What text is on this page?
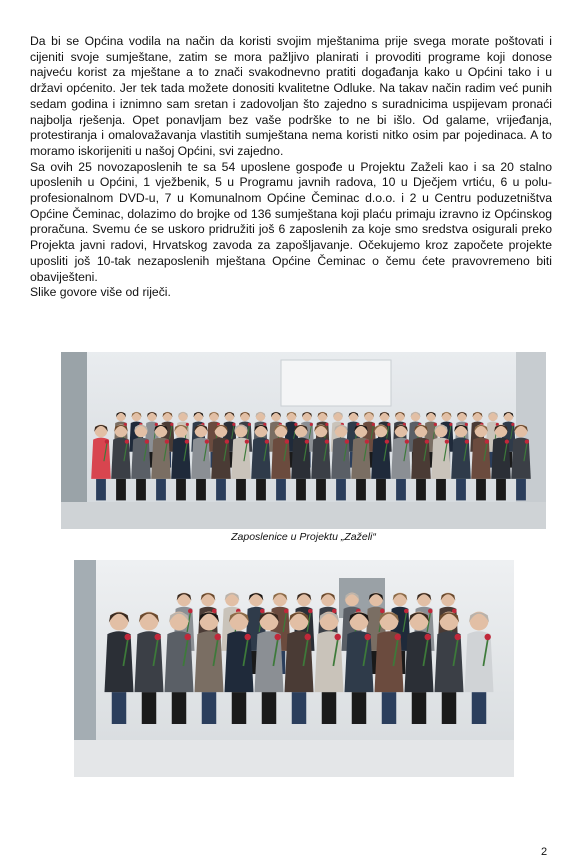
Da bi se Općina vodila na način da koristi svojim mještanima prije svega morate poštovati i cijeniti svoje sumještane, zatim se mora pažljivo planirati i provoditi programe koji donose najveću korist za mještane a to znači svakodnevno pratiti događanja kako u Općini tako i u državi općenito. Jer tek tada možete donositi kvalitetne Odluke. Na takav način radim već punih sedam godina i iznimno sam sretan i zadovoljan što zajedno s suradnicima uspijevam pronaći najbolja rješenja. Opet ponavljam bez vaše podrške to ne bi išlo. Od galame, vrijeđanja, protestiranja i omalovažavanja vlastitih sumještana nema koristi nitko osim par pojedinaca. A to moramo iskorijeniti u našoj Općini, svi zajedno.

Sa ovih 25 novozaposlenih te sa 54 uposlene gospođe u Projektu Zaželi kao i sa 20 stalno uposlenih u Općini, 1 vježbenik, 5 u Programu javnih radova, 10 u Dječjem vrtiću, 6 u polu-profesionalnom DVD-u, 7 u Komunalnom Općine Čeminac d.o.o. i 2 u Centru poduzetništva Općine Čeminac, dolazimo do brojke od 136 sumještana koji plaću primaju izravno iz Općinskog proračuna. Svemu će se uskoro pridružiti još 6 zaposlenih za koje smo sredstva osigurali preko Projekta javni radovi, Hrvatskog zavoda za zapošljavanje. Očekujemo kroz započete projekte uposliti još 10-tak nezaposlenih mještana Općine Čeminac o čemu ćete pravovremeno biti obaviješteni.

Slike govore više od riječi.

Zaposlenice u Projektu „Zaželi“
2
